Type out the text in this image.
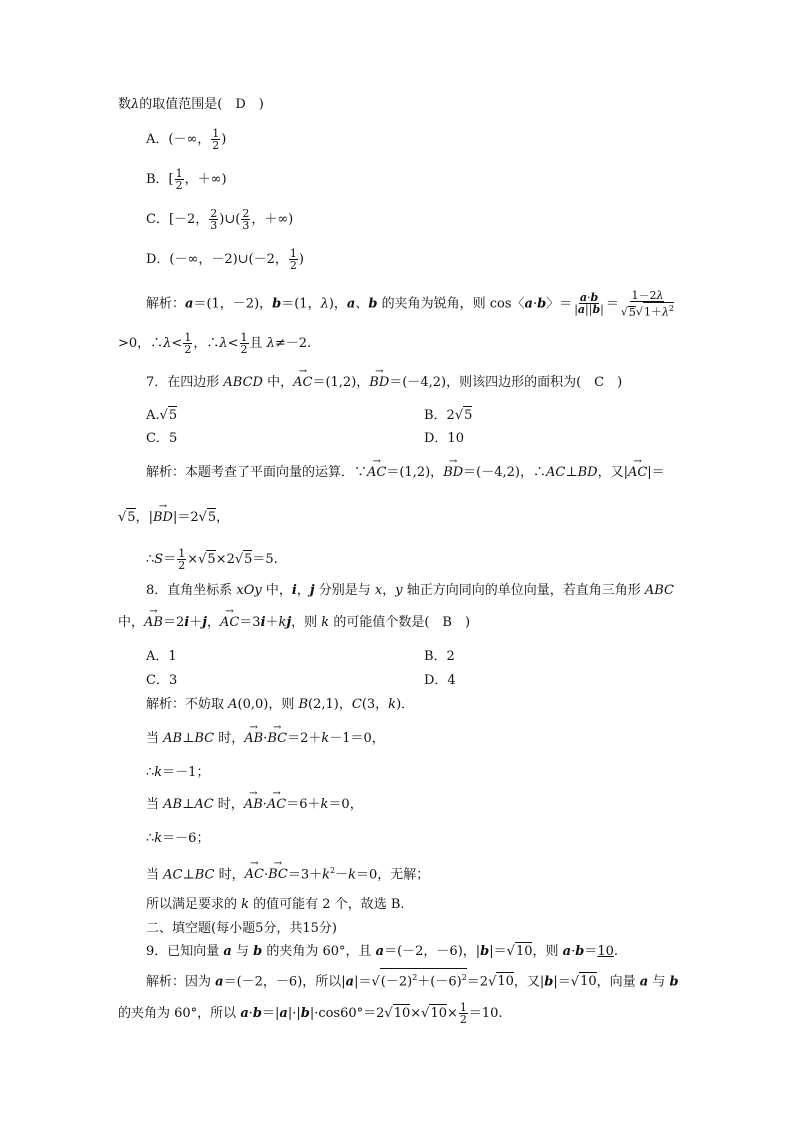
数λ的取值范围是(　D　)
A．(－∞， $\frac{1}{2}$ )
B．[ $\frac{1}{2}$ ，＋∞)
C．[－2， $\frac{2}{3}$ )∪( $\frac{2}{3}$ ，＋∞)
D．(－∞，－2)∪(－2， $\frac{1}{2}$ )
解析：a＝(1，－2)，b＝(1，λ)，a、b 的夹角为锐角，则 cos〈a·b〉＝ $\frac{a\cdot b}{|a||b|} = \frac{1-2\lambda}{√5√1+\lambda^2}$
>0，∴λ< $\frac{1}{2}$ ，∴λ< $\frac{1}{2}$ 且 λ≠－2.
7．在四边形 ABCD 中，→ AC＝(1,2)，→ BD＝(－4,2)，则该四边形的面积为(　C　)
A.√5	B．2√5
C．5	D．10
解析：本题考查了平面向量的运算．∵→ AC＝(1,2)，→ BD＝(－4,2)，∴AC⊥BD，又|→ AC|＝
√5，|→ BD|＝2√5，
∴S＝ $\frac{1}{2} \times√5\times 2√5=5$.
8．直角坐标系 xOy 中，i，j 分别是与 x，y 轴正方向同向的单位向量，若直角三角形 ABC
中，→ AB＝2i＋j，→ AC＝3i＋kj，则 k 的可能值个数是(　B　)
A．1	B．2
C．3	D．4
解析：不妨取 A(0,0)，则 B(2,1)，C(3，k)．
当 AB⊥BC 时，→ AB·→ BC＝2＋k－1＝0，
∴k＝－1；
当 AB⊥AC 时，→ AB·→ AC＝6＋k＝0，
∴k＝－6；
当 AC⊥BC 时，→ $AC\cdot\to BC=3+k^2-k=0$，无解；
所以满足要求的 k 的值可能有 2 个，故选 B.
二、填空题(每小题5分，共15分)
9．已知向量 a 与 b 的夹角为 60°，且 a＝(－2，－6)，|b|＝√10，则 a·b＝10.
解析：因为 a＝(－2，－6)，所以$|a|=√(-2)^2+(-6)^2=2√10$，又|b|＝√10，向量 a 与 b
的夹角为 60°，所以 $a\cdot b=|a|\cdot|b|\cdot\cos 60^\circ=2√10\times√10\times \frac{1}{2} =10$.
